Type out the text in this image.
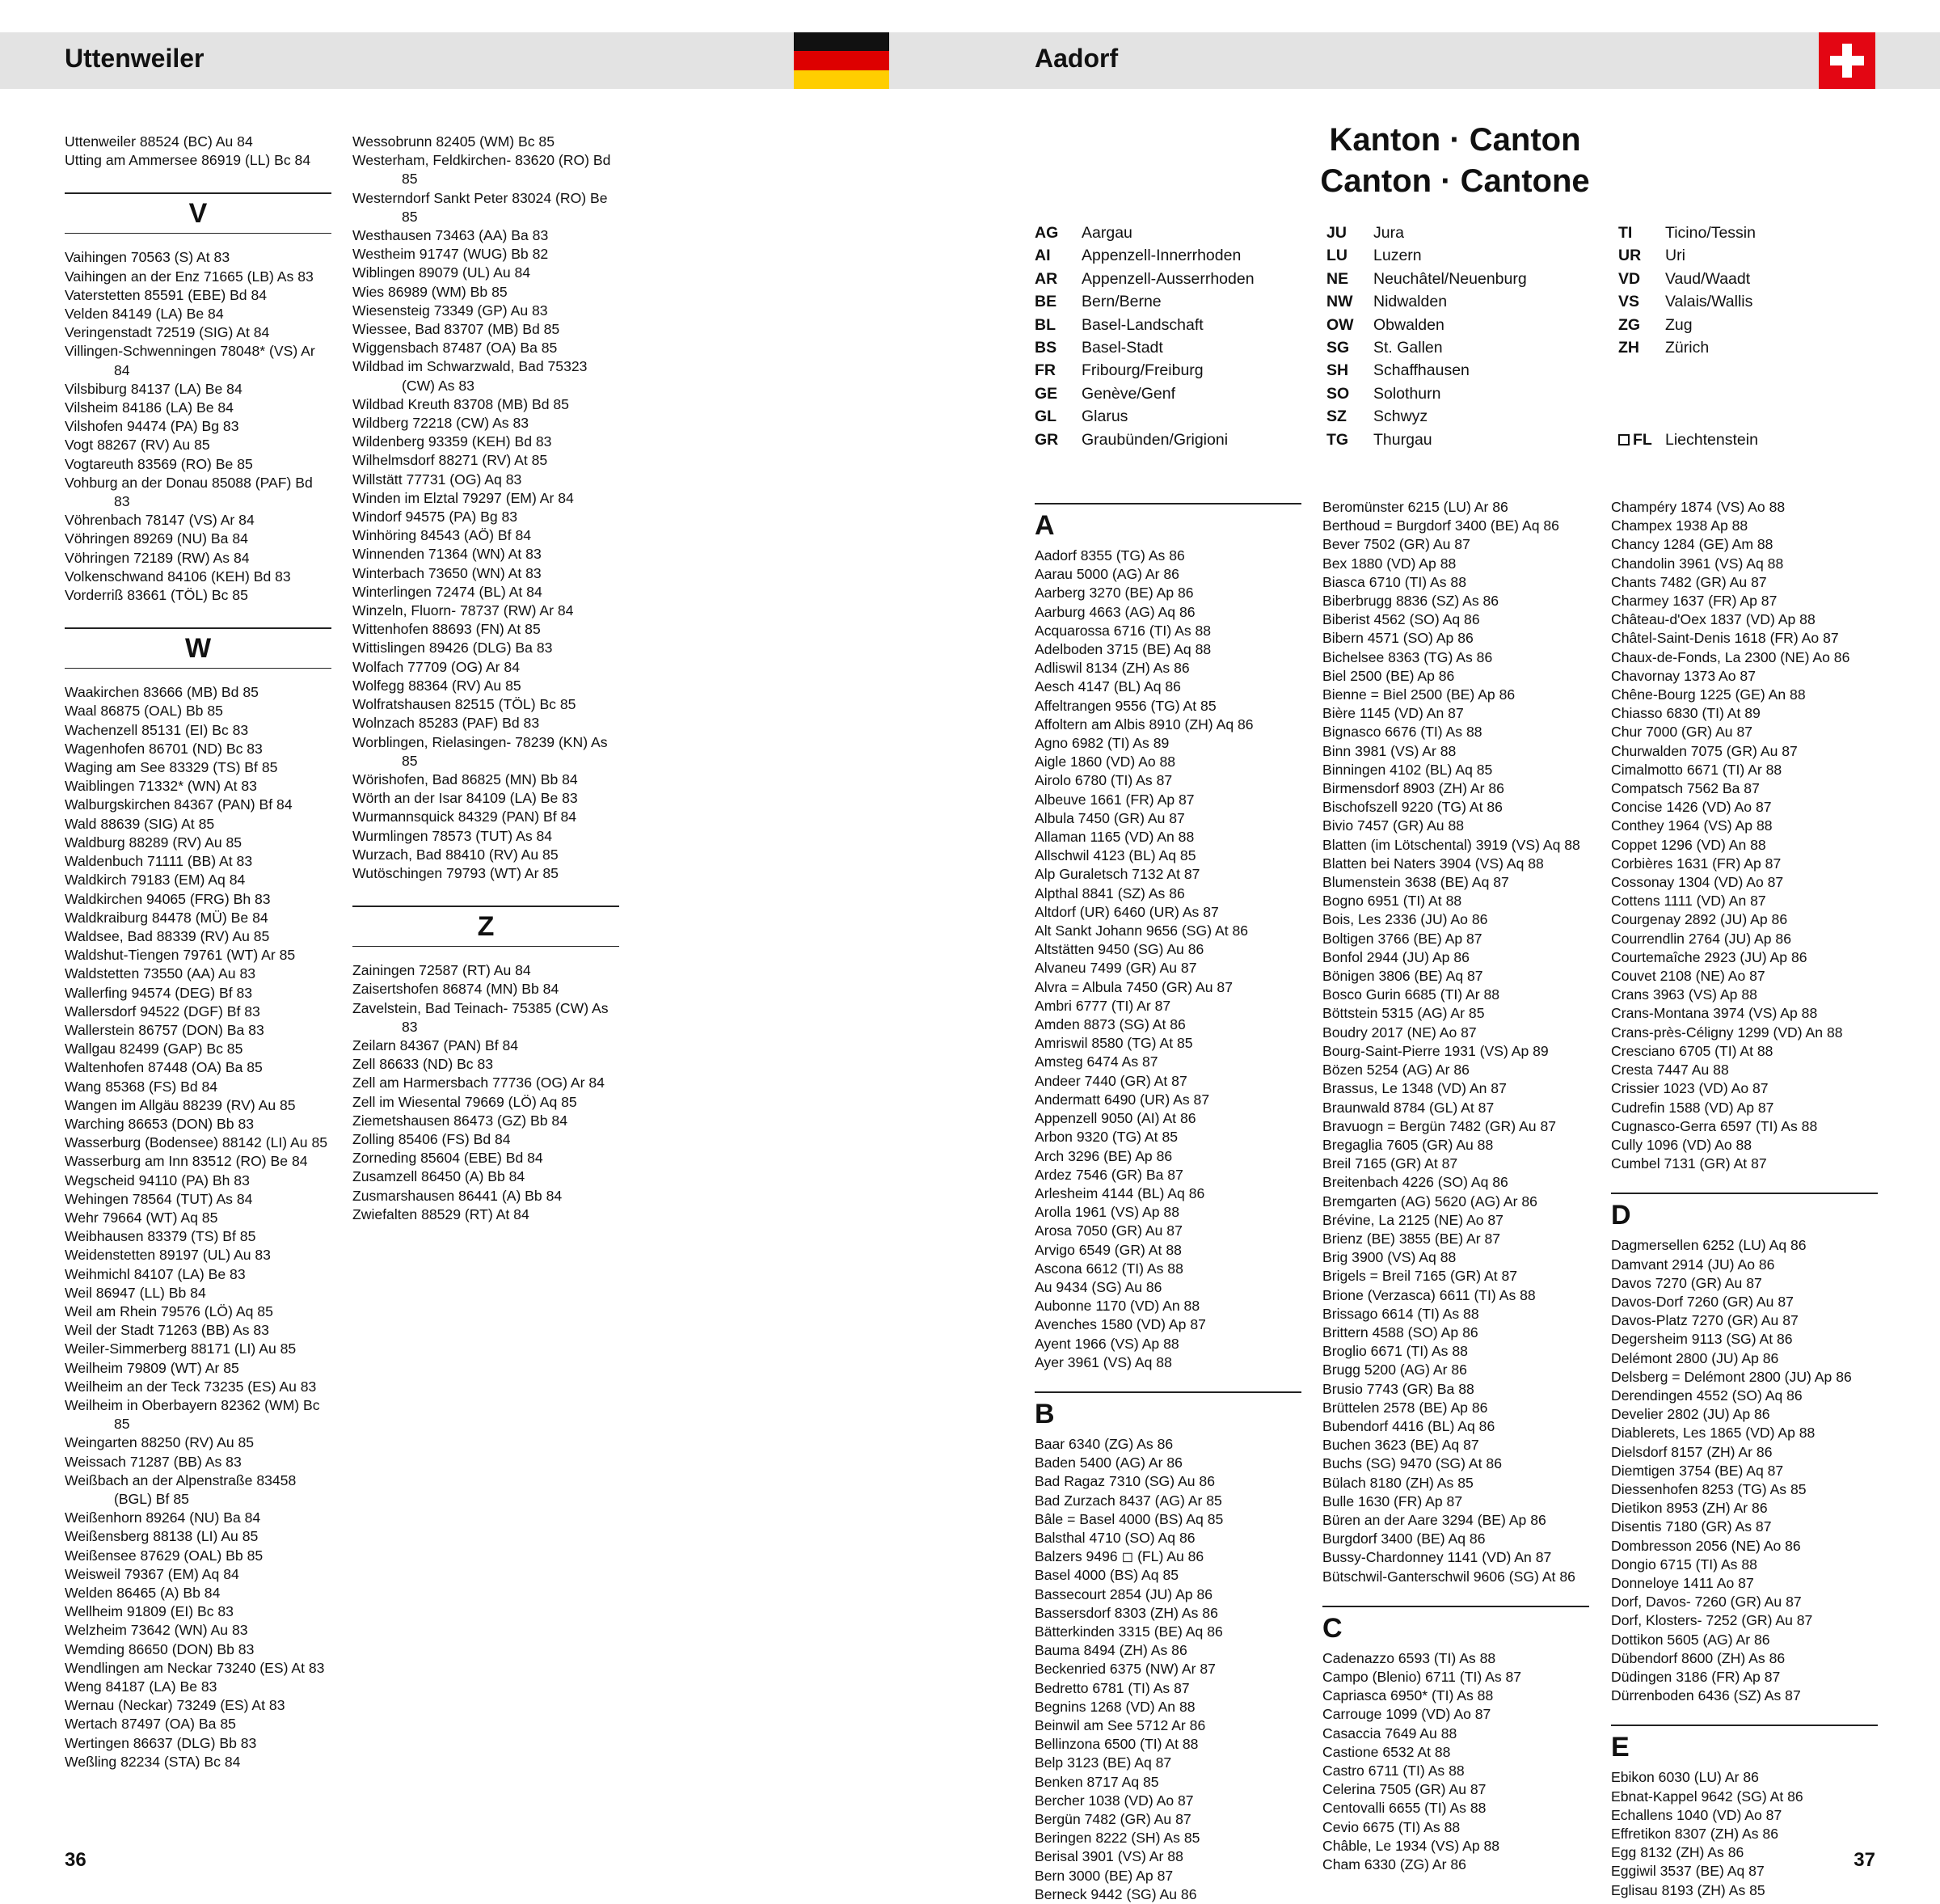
Uttenweiler	Aadorf
Uttenweiler 88524 (BC) Au 84
Utting am Ammersee 86919 (LL) Bc 84
V
Vaihingen 70563 (S) At 83
Vaihingen an der Enz 71665 (LB) As 83
Vaterstetten 85591 (EBE) Bd 84
Velden 84149 (LA) Be 84
Veringenstadt 72519 (SIG) At 84
Villingen-Schwenningen 78048* (VS) Ar 84
Vilsbiburg 84137 (LA) Be 84
Vilsheim 84186 (LA) Be 84
Vilshofen 94474 (PA) Bg 83
Vogt 88267 (RV) Au 85
Vogtareuth 83569 (RO) Be 85
Vohburg an der Donau 85088 (PAF) Bd 83
Vöhrenbach 78147 (VS) Ar 84
Vöhringen 89269 (NU) Ba 84
Vöhringen 72189 (RW) As 84
Volkenschwand 84106 (KEH) Bd 83
Vorderriß 83661 (TÖL) Bc 85
W
Waakirchen 83666 (MB) Bd 85
Waal 86875 (OAL) Bb 85
Wachenzell 85131 (EI) Bc 83
Wagenhofen 86701 (ND) Bc 83
Waging am See 83329 (TS) Bf 85
Waiblingen 71332* (WN) At 83
Walburgskirchen 84367 (PAN) Bf 84
Wald 88639 (SIG) At 85
Waldburg 88289 (RV) Au 85
Waldenbuch 71111 (BB) At 83
Waldkirch 79183 (EM) Aq 84
Waldkirchen 94065 (FRG) Bh 83
Waldkraiburg 84478 (MÜ) Be 84
Waldsee, Bad 88339 (RV) Au 85
Waldshut-Tiengen 79761 (WT) Ar 85
Waldstetten 73550 (AA) Au 83
Wallerfing 94574 (DEG) Bf 83
Wallersdorf 94522 (DGF) Bf 83
Wallerstein 86757 (DON) Ba 83
Wallgau 82499 (GAP) Bc 85
Waltenhofen 87448 (OA) Ba 85
Wang 85368 (FS) Bd 84
Wangen im Allgäu 88239 (RV) Au 85
Warching 86653 (DON) Bb 83
Wasserburg (Bodensee) 88142 (LI) Au 85
Wasserburg am Inn 83512 (RO) Be 84
Wegscheid 94110 (PA) Bh 83
Wehingen 78564 (TUT) As 84
Wehr 79664 (WT) Aq 85
Weibhausen 83379 (TS) Bf 85
Weidenstetten 89197 (UL) Au 83
Weihmichl 84107 (LA) Be 83
Weil 86947 (LL) Bb 84
Weil am Rhein 79576 (LÖ) Aq 85
Weil der Stadt 71263 (BB) As 83
Weiler-Simmerberg 88171 (LI) Au 85
Weilheim 79809 (WT) Ar 85
Weilheim an der Teck 73235 (ES) Au 83
Weilheim in Oberbayern 82362 (WM) Bc 85
Weingarten 88250 (RV) Au 85
Weissach 71287 (BB) As 83
Weißbach an der Alpenstraße 83458 (BGL) Bf 85
Weißenhorn 89264 (NU) Ba 84
Weißensberg 88138 (LI) Au 85
Weißensee 87629 (OAL) Bb 85
Weisweil 79367 (EM) Aq 84
Welden 86465 (A) Bb 84
Wellheim 91809 (EI) Bc 83
Welzheim 73642 (WN) Au 83
Wemding 86650 (DON) Bb 83
Wendlingen am Neckar 73240 (ES) At 83
Weng 84187 (LA) Be 83
Wernau (Neckar) 73249 (ES) At 83
Wertach 87497 (OA) Ba 85
Wertingen 86637 (DLG) Bb 83
Weßling 82234 (STA) Bc 84
Wessobrunn 82405 (WM) Bc 85
Westerham, Feldkirchen- 83620 (RO) Bd 85
Westerndorf Sankt Peter 83024 (RO) Be 85
Westhausen 73463 (AA) Ba 83
Westheim 91747 (WUG) Bb 82
Wiblingen 89079 (UL) Au 84
Wies 86989 (WM) Bb 85
Wiesensteig 73349 (GP) Au 83
Wiessee, Bad 83707 (MB) Bd 85
Wiggensbach 87487 (OA) Ba 85
Wildbad im Schwarzwald, Bad 75323 (CW) As 83
Wildbad Kreuth 83708 (MB) Bd 85
Wildberg 72218 (CW) As 83
Wildenberg 93359 (KEH) Bd 83
Wilhelmsdorf 88271 (RV) At 85
Willstätt 77731 (OG) Aq 83
Winden im Elztal 79297 (EM) Ar 84
Windorf 94575 (PA) Bg 83
Winhöring 84543 (AÖ) Bf 84
Winnenden 71364 (WN) At 83
Winterbach 73650 (WN) At 83
Winterlingen 72474 (BL) At 84
Winzeln, Fluorn- 78737 (RW) Ar 84
Wittenhofen 88693 (FN) At 85
Wittislingen 89426 (DLG) Ba 83
Wolfach 77709 (OG) Ar 84
Wolfegg 88364 (RV) Au 85
Wolfratshausen 82515 (TÖL) Bc 85
Wolnzach 85283 (PAF) Bd 83
Worblingen, Rielasingen- 78239 (KN) As 85
Wörishofen, Bad 86825 (MN) Bb 84
Wörth an der Isar 84109 (LA) Be 83
Wurmannsquick 84329 (PAN) Bf 84
Wurmlingen 78573 (TUT) As 84
Wurzach, Bad 88410 (RV) Au 85
Wutöschingen 79793 (WT) Ar 85
Z
Zainingen 72587 (RT) Au 84
Zaisertshofen 86874 (MN) Bb 84
Zavelstein, Bad Teinach- 75385 (CW) As 83
Zeilarn 84367 (PAN) Bf 84
Zell 86633 (ND) Bc 83
Zell am Harmersbach 77736 (OG) Ar 84
Zell im Wiesental 79669 (LÖ) Aq 85
Ziemetshausen 86473 (GZ) Bb 84
Zolling 85406 (FS) Bd 84
Zorneding 85604 (EBE) Bd 84
Zusamzell 86450 (A) Bb 84
Zusmarshausen 86441 (A) Bb 84
Zwiefalten 88529 (RT) At 84
Kanton · Canton
Canton · Cantone
AG Aargau
AI Appenzell-Innerrhoden
AR Appenzell-Ausserrhoden
BE Bern/Berne
BL Basel-Landschaft
BS Basel-Stadt
FR Fribourg/Freiburg
GE Genève/Genf
GL Glarus
GR Graubünden/Grigioni
JU Jura
LU Luzern
NE Neuchâtel/Neuenburg
NW Nidwalden
OW Obwalden
SG St. Gallen
SH Schaffhausen
SO Solothurn
SZ Schwyz
TG Thurgau
TI Ticino/Tessin
UR Uri
VD Vaud/Waadt
VS Valais/Wallis
ZG Zug
ZH Zürich
FL Liechtenstein
A
Aadorf 8355 (TG) As 86
Aarau 5000 (AG) Ar 86
Aarberg 3270 (BE) Ap 86
Aarburg 4663 (AG) Aq 86
Acquarossa 6716 (TI) As 88
Adelboden 3715 (BE) Aq 88
Adliswil 8134 (ZH) As 86
Aesch 4147 (BL) Aq 86
Affeltrangen 9556 (TG) At 85
Affoltern am Albis 8910 (ZH) Aq 86
Agno 6982 (TI) As 89
Aigle 1860 (VD) Ao 88
Airolo 6780 (TI) As 87
Albeuve 1661 (FR) Ap 87
Albula 7450 (GR) Au 87
Allaman 1165 (VD) An 88
Allschwil 4123 (BL) Aq 85
Alp Guraletsch 7132 At 87
Alpthal 8841 (SZ) As 86
Altdorf (UR) 6460 (UR) As 87
Alt Sankt Johann 9656 (SG) At 86
Altstätten 9450 (SG) Au 86
Alvaneu 7499 (GR) Au 87
Alvra = Albula 7450 (GR) Au 87
Ambri 6777 (TI) Ar 87
Amden 8873 (SG) At 86
Amriswil 8580 (TG) At 85
Amsteg 6474 As 87
Andeer 7440 (GR) At 87
Andermatt 6490 (UR) As 87
Appenzell 9050 (AI) At 86
Arbon 9320 (TG) At 85
Arch 3296 (BE) Ap 86
Ardez 7546 (GR) Ba 87
Arlesheim 4144 (BL) Aq 86
Arolla 1961 (VS) Ap 88
Arosa 7050 (GR) Au 87
Arvigo 6549 (GR) At 88
Ascona 6612 (TI) As 88
Au 9434 (SG) Au 86
Aubonne 1170 (VD) An 88
Avenches 1580 (VD) Ap 87
Ayent 1966 (VS) Ap 88
Ayer 3961 (VS) Aq 88
B
Baar 6340 (ZG) As 86
Baden 5400 (AG) Ar 86
Bad Ragaz 7310 (SG) Au 86
Bad Zurzach 8437 (AG) Ar 85
Bâle = Basel 4000 (BS) Aq 85
Balsthal 4710 (SO) Aq 86
Balzers 9496 ◻ (FL) Au 86
Basel 4000 (BS) Aq 85
Bassecourt 2854 (JU) Ap 86
Bassersdorf 8303 (ZH) As 86
Bätterkinden 3315 (BE) Aq 86
Bauma 8494 (ZH) As 86
Beckenried 6375 (NW) Ar 87
Bedretto 6781 (TI) As 87
Begnins 1268 (VD) An 88
Beinwil am See 5712 Ar 86
Bellinzona 6500 (TI) At 88
Belp 3123 (BE) Aq 87
Benken 8717 Aq 85
Bercher 1038 (VD) Ao 87
Bergün 7482 (GR) Au 87
Beringen 8222 (SH) As 85
Berisal 3901 (VS) Ar 88
Bern 3000 (BE) Ap 87
Berneck 9442 (SG) Au 86
Beromünster 6215 (LU) Ar 86
Berthoud = Burgdorf 3400 (BE) Aq 86
Bever 7502 (GR) Au 87
Bex 1880 (VD) Ap 88
Biasca 6710 (TI) As 88
Biberbrugg 8836 (SZ) As 86
Biberist 4562 (SO) Aq 86
Bibern 4571 (SO) Ap 86
Bichelsee 8363 (TG) As 86
Biel 2500 (BE) Ap 86
Bienne = Biel 2500 (BE) Ap 86
Bière 1145 (VD) An 87
Bignasco 6676 (TI) As 88
Binn 3981 (VS) Ar 88
Binningen 4102 (BL) Aq 85
Birmensdorf 8903 (ZH) Ar 86
Bischofszell 9220 (TG) At 86
Bivio 7457 (GR) Au 88
Blatten (im Lötschental) 3919 (VS) Aq 88
Blatten bei Naters 3904 (VS) Aq 88
Blumenstein 3638 (BE) Aq 87
Bogno 6951 (TI) At 88
Bois, Les 2336 (JU) Ao 86
Boltigen 3766 (BE) Ap 87
Bonfol 2944 (JU) Ap 86
Bönigen 3806 (BE) Aq 87
Bosco Gurin 6685 (TI) Ar 88
Böttstein 5315 (AG) Ar 85
Boudry 2017 (NE) Ao 87
Bourg-Saint-Pierre 1931 (VS) Ap 89
Bözen 5254 (AG) Ar 86
Brassus, Le 1348 (VD) An 87
Braunwald 8784 (GL) At 87
Bravuogn = Bergün 7482 (GR) Au 87
Bregaglia 7605 (GR) Au 88
Breil 7165 (GR) At 87
Breitenbach 4226 (SO) Aq 86
Bremgarten (AG) 5620 (AG) Ar 86
Brévine, La 2125 (NE) Ao 87
Brienz (BE) 3855 (BE) Ar 87
Brig 3900 (VS) Aq 88
Brigels = Breil 7165 (GR) At 87
Brione (Verzasca) 6611 (TI) As 88
Brissago 6614 (TI) As 88
Brittern 4588 (SO) Ap 86
Broglio 6671 (TI) As 88
Brugg 5200 (AG) Ar 86
Brusio 7743 (GR) Ba 88
Brüttelen 2578 (BE) Ap 86
Bubendorf 4416 (BL) Aq 86
Buchen 3623 (BE) Aq 87
Buchs (SG) 9470 (SG) At 86
Bülach 8180 (ZH) As 85
Bulle 1630 (FR) Ap 87
Büren an der Aare 3294 (BE) Ap 86
Burgdorf 3400 (BE) Aq 86
Bussy-Chardonney 1141 (VD) An 87
Bütschwil-Ganterschwil 9606 (SG) At 86
C
Cadenazzo 6593 (TI) As 88
Campo (Blenio) 6711 (TI) As 87
Capriasca 6950* (TI) As 88
Carrouge 1099 (VD) Ao 87
Casaccia 7649 Au 88
Castione 6532 At 88
Castro 6711 (TI) As 88
Celerina 7505 (GR) Au 87
Centovalli 6655 (TI) As 88
Cevio 6675 (TI) As 88
Châble, Le 1934 (VS) Ap 88
Cham 6330 (ZG) Ar 86
Champéry 1874 (VS) Ao 88
Champex 1938 Ap 88
Chancy 1284 (GE) Am 88
Chandolin 3961 (VS) Aq 88
Chants 7482 (GR) Au 87
Charmey 1637 (FR) Ap 87
Château-d'Oex 1837 (VD) Ap 88
Châtel-Saint-Denis 1618 (FR) Ao 87
Chaux-de-Fonds, La 2300 (NE) Ao 86
Chavornay 1373 Ao 87
Chêne-Bourg 1225 (GE) An 88
Chiasso 6830 (TI) At 89
Chur 7000 (GR) Au 87
Churwalden 7075 (GR) Au 87
Cimalmotto 6671 (TI) Ar 88
Compatsch 7562 Ba 87
Concise 1426 (VD) Ao 87
Conthey 1964 (VS) Ap 88
Coppet 1296 (VD) An 88
Corbières 1631 (FR) Ap 87
Cossonay 1304 (VD) Ao 87
Cottens 1111 (VD) An 87
Courgenay 2892 (JU) Ap 86
Courrendlin 2764 (JU) Ap 86
Courtemaîche 2923 (JU) Ap 86
Couvet 2108 (NE) Ao 87
Crans 3963 (VS) Ap 88
Crans-Montana 3974 (VS) Ap 88
Crans-près-Céligny 1299 (VD) An 88
Cresciano 6705 (TI) At 88
Cresta 7447 Au 88
Crissier 1023 (VD) Ao 87
Cudrefin 1588 (VD) Ap 87
Cugnasco-Gerra 6597 (TI) As 88
Cully 1096 (VD) Ao 88
Cumbel 7131 (GR) At 87
D
Dagmersellen 6252 (LU) Aq 86
Damvant 2914 (JU) Ao 86
Davos 7270 (GR) Au 87
Davos-Dorf 7260 (GR) Au 87
Davos-Platz 7270 (GR) Au 87
Degersheim 9113 (SG) At 86
Delémont 2800 (JU) Ap 86
Delsberg = Delémont 2800 (JU) Ap 86
Derendingen 4552 (SO) Aq 86
Develier 2802 (JU) Ap 86
Diablerets, Les 1865 (VD) Ap 88
Dielsdorf 8157 (ZH) Ar 86
Diemtigen 3754 (BE) Aq 87
Diessenhofen 8253 (TG) As 85
Dietikon 8953 (ZH) Ar 86
Disentis 7180 (GR) As 87
Dombresson 2056 (NE) Ao 86
Dongio 6715 (TI) As 88
Donneloye 1411 Ao 87
Dorf, Davos- 7260 (GR) Au 87
Dorf, Klosters- 7252 (GR) Au 87
Dottikon 5605 (AG) Ar 86
Dübendorf 8600 (ZH) As 86
Düdingen 3186 (FR) Ap 87
Dürrenboden 6436 (SZ) As 87
E
Ebikon 6030 (LU) Ar 86
Ebnat-Kappel 9642 (SG) At 86
Echallens 1040 (VD) Ao 87
Effretikon 8307 (ZH) As 86
Egg 8132 (ZH) As 86
Eggiwil 3537 (BE) Aq 87
Eglisau 8193 (ZH) As 85
36	37
